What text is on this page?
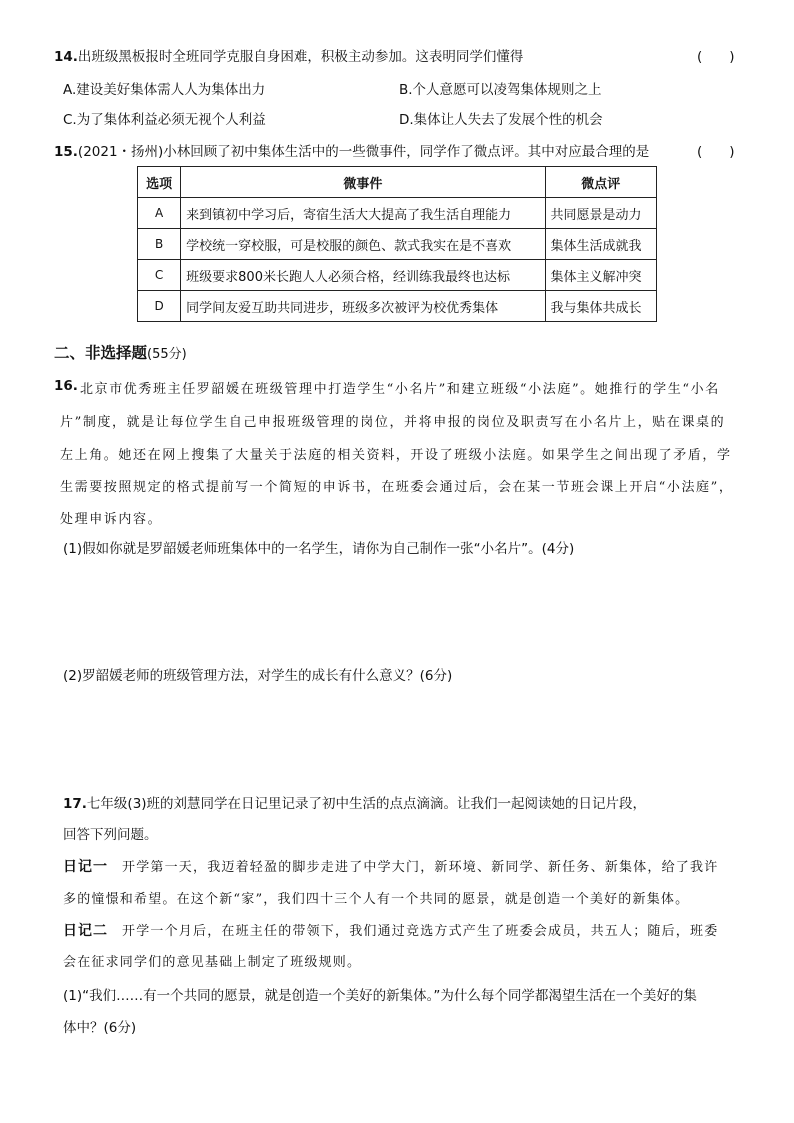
14.出班级黑板报时全班同学克服自身困难，积极主动参加。这表明同学们懂得	(　　)
A.建设美好集体需人人为集体出力	B.个人意愿可以凌驾集体规则之上
C.为了集体利益必须无视个人利益	D.集体让人失去了发展个性的机会
15.(2021・扬州)小林回顾了初中集体生活中的一些微事件，同学作了微点评。其中对应最合理的是	(　　)
选项	微事件	微点评
A	来到镇初中学习后，寄宿生活大大提高了我生活自理能力	共同愿景是动力
B	学校统一穿校服，可是校服的颜色、款式我实在是不喜欢	集体生活成就我
C	班级要求800米长跑人人必须合格，经训练我最终也达标	集体主义解冲突
D	同学间友爱互助共同进步，班级多次被评为校优秀集体	我与集体共成长
二、非选择题(55分)
16. 北京市优秀班主任罗韶媛在班级管理中打造学生“小名片”和建立班级“小法庭”。她推行的学生“小名
片”制度，就是让每位学生自己申报班级管理的岗位，并将申报的岗位及职责写在小名片上，贴在课桌的
左上角。她还在网上搜集了大量关于法庭的相关资料，开设了班级小法庭。如果学生之间出现了矛盾，学
生需要按照规定的格式提前写一个简短的申诉书，在班委会通过后，会在某一节班会课上开启“小法庭”，
处理申诉内容。
(1)假如你就是罗韶媛老师班集体中的一名学生，请你为自己制作一张“小名片”。(4分)
(2)罗韶媛老师的班级管理方法，对学生的成长有什么意义？(6分)
17.七年级(3)班的刘慧同学在日记里记录了初中生活的点点滴滴。让我们一起阅读她的日记片段，
回答下列问题。
日记一 开学第一天，我迈着轻盈的脚步走进了中学大门，新环境、新同学、新任务、新集体，给了我许
多的憧憬和希望。在这个新“家”，我们四十三个人有一个共同的愿景，就是创造一个美好的新集体。
日记二 开学一个月后，在班主任的带领下，我们通过竞选方式产生了班委会成员，共五人；随后，班委
会在征求同学们的意见基础上制定了班级规则。
(1)“我们……有一个共同的愿景，就是创造一个美好的新集体。”为什么每个同学都渴望生活在一个美好的集
体中？(6分)
